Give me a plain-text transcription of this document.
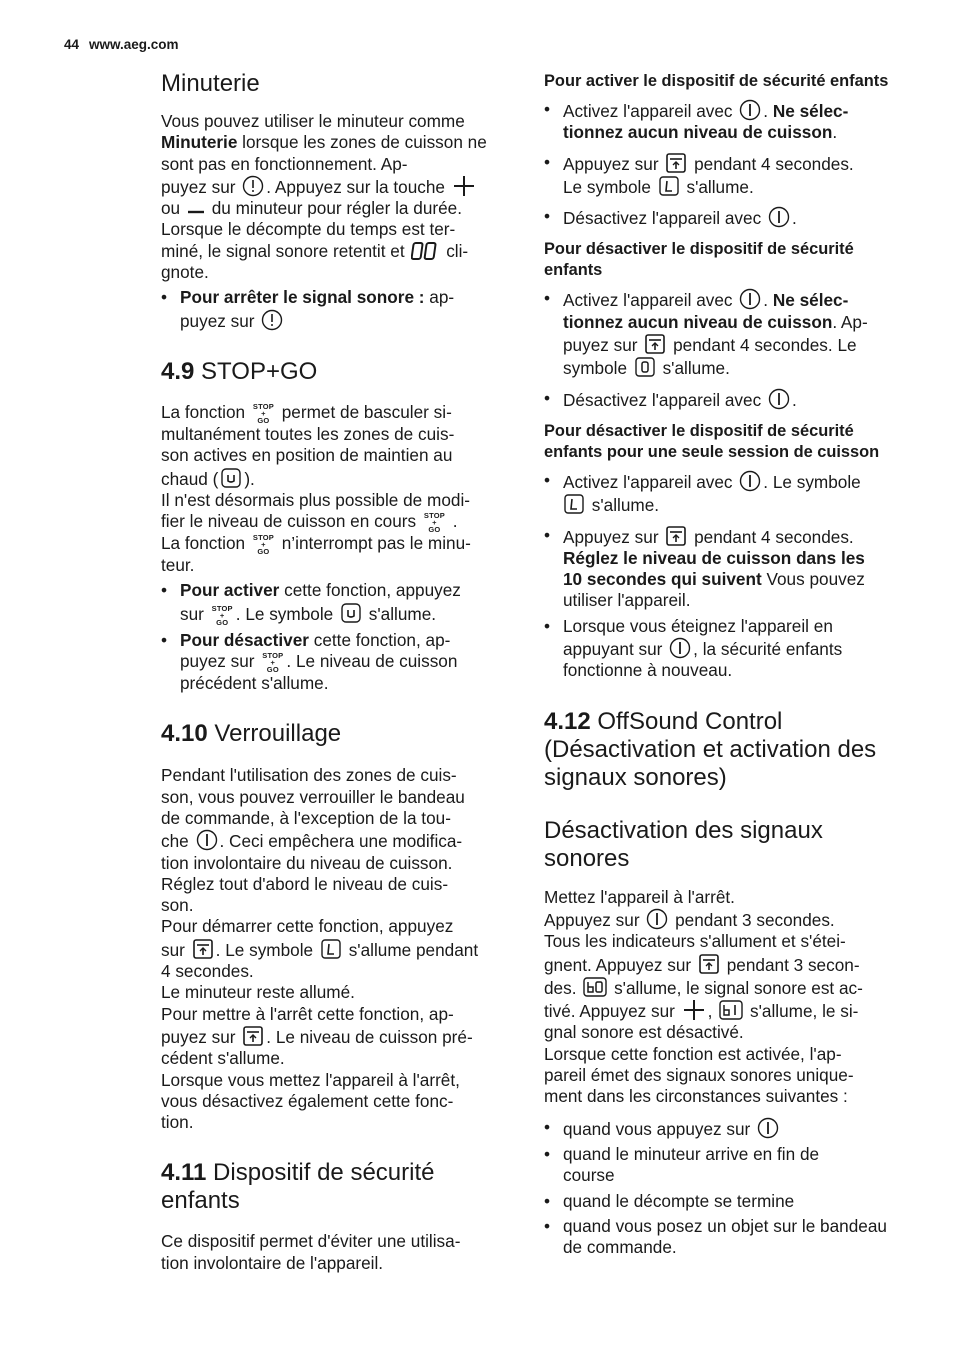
44 www.aeg.com
Minuterie

Vous pouvez utiliser le minuteur comme Minuterie lorsque les zones de cuisson ne sont pas en fonctionnement. Ap-
puyez sur . Appuyez sur la touche

ou du minuteur pour régler la durée.
Lorsque le décompte du temps est ter-
miné, le signal sonore retentit et cli-
gnote.

• Pour arrêter le signal sonore : ap-
puyez sur
4.9 STOP+GO

La fonction STOP
+
GO permet de basculer si-
multanément toutes les zones de cuis-
son actives en position de maintien au
chaud ( ).
Il n'est désormais plus possible de modi-
fier le niveau de cuisson en cours STOP
+
GO .
La fonction STOP
+
GO n’interrompt pas le minu-
teur.

• Pour activer cette fonction, appuyez
sur STOP
+
GO . Le symbole s'allume.
• Pour désactiver cette fonction, ap-
puyez sur STOP
+
GO . Le niveau de cuisson
précédent s'allume.
4.10 Verrouillage

Pendant l'utilisation des zones de cuis-
son, vous pouvez verrouiller le bandeau
de commande, à l'exception de la tou-
che . Ceci empêchera une modifica-
tion involontaire du niveau de cuisson.
Réglez tout d'abord le niveau de cuis-
son.
Pour démarrer cette fonction, appuyez
sur . Le symbole s'allume pendant
4 secondes.
Le minuteur reste allumé.
Pour mettre à l'arrêt cette fonction, ap-
puyez sur . Le niveau de cuisson pré-
cédent s'allume.
Lorsque vous mettez l'appareil à l'arrêt,
vous désactivez également cette fonc-
tion.

4.11 Dispositif de sécurité enfants

Ce dispositif permet d'éviter une utilisa-
tion involontaire de l'appareil.

Pour activer le dispositif de sécurité enfants
• Activez l'appareil avec . Ne sélec-
tionnez aucun niveau de cuisson.
• Appuyez sur pendant 4 secondes.
Le symbole s'allume.
• Désactivez l'appareil avec .
Pour désactiver le dispositif de sécurité enfants
• Activez l'appareil avec . Ne sélec-
tionnez aucun niveau de cuisson. Ap-
puyez sur pendant 4 secondes. Le
symbole s'allume.
• Désactivez l'appareil avec .
Pour désactiver le dispositif de sécurité enfants pour une seule session de cuisson
• Activez l'appareil avec . Le symbole

s'allume.
• Appuyez sur pendant 4 secondes.
Réglez le niveau de cuisson dans les
10 secondes qui suivent Vous pouvez
utiliser l'appareil.
• Lorsque vous éteignez l'appareil en
appuyant sur , la sécurité enfants
fonctionne à nouveau.
4.12 OffSound Control (Désactivation et activation des signaux sonores)
Désactivation des signaux sonores

Mettez l'appareil à l'arrêt.
Appuyez sur pendant 3 secondes.
Tous les indicateurs s'allument et s'étei-
gnent. Appuyez sur pendant 3 secon-
des. s'allume, le signal sonore est ac-
tivé. Appuyez sur , s'allume, le si-
gnal sonore est désactivé.
Lorsque cette fonction est activée, l'ap-
pareil émet des signaux sonores unique-
ment dans les circonstances suivantes :

• quand vous appuyez sur
• quand le minuteur arrive en fin de course
• quand le décompte se termine
• quand vous posez un objet sur le bandeau de commande.
